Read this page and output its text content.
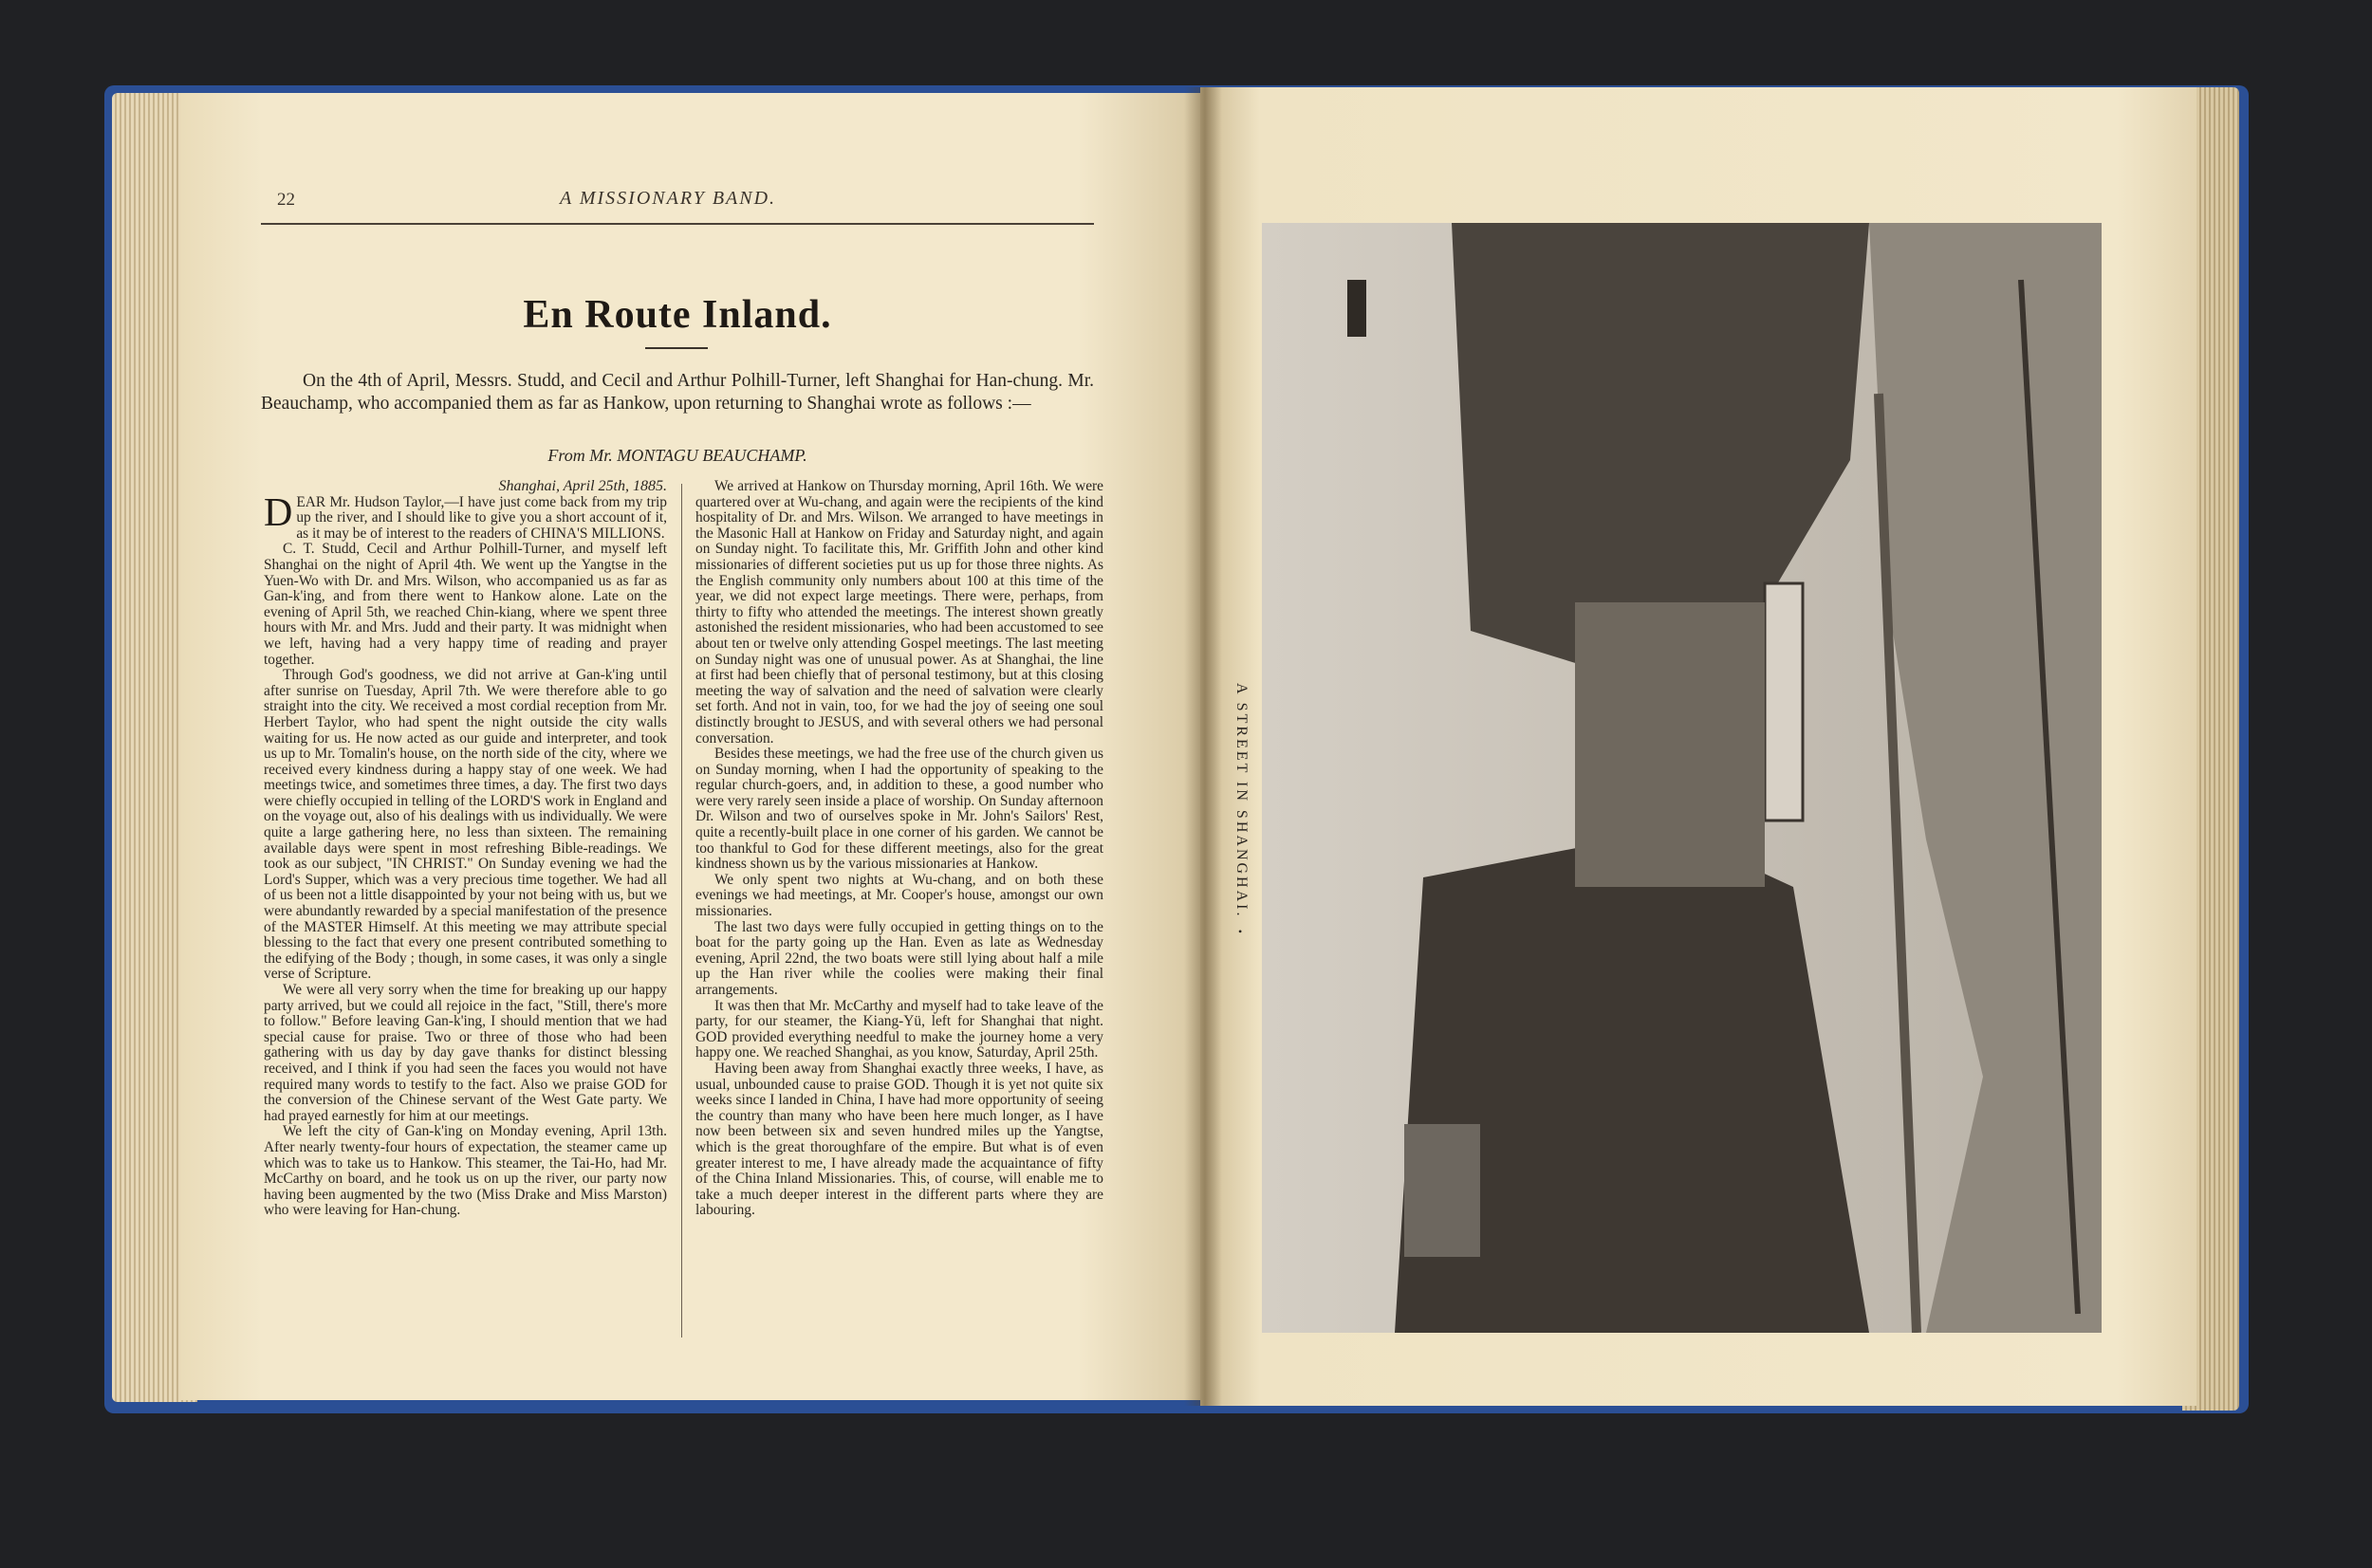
22	A MISSIONARY BAND.
En Route Inland.

On the 4th of April, Messrs. Studd, and Cecil and Arthur Polhill-Turner, left Shanghai for Han-chung. Mr. Beauchamp, who accompanied them as far as Hankow, upon returning to Shanghai wrote as follows :—

From Mr. MONTAGU BEAUCHAMP.

Shanghai, April 25th, 1885.

DEAR Mr. Hudson Taylor,—I have just come back from my trip up the river, and I should like to give you a short account of it, as it may be of interest to the readers of CHINA'S MILLIONS.

C. T. Studd, Cecil and Arthur Polhill-Turner, and myself left Shanghai on the night of April 4th. We went up the Yangtse in the Yuen-Wo with Dr. and Mrs. Wilson, who accompanied us as far as Gan-k'ing, and from there went to Hankow alone. Late on the evening of April 5th, we reached Chin-kiang, where we spent three hours with Mr. and Mrs. Judd and their party. It was midnight when we left, having had a very happy time of reading and prayer together.

Through God's goodness, we did not arrive at Gan-k'ing until after sunrise on Tuesday, April 7th. We were therefore able to go straight into the city. We received a most cordial reception from Mr. Herbert Taylor, who had spent the night outside the city walls waiting for us. He now acted as our guide and interpreter, and took us up to Mr. Tomalin's house, on the north side of the city, where we received every kindness during a happy stay of one week. We had meetings twice, and sometimes three times, a day. The first two days were chiefly occupied in telling of the LORD'S work in England and on the voyage out, also of his dealings with us individually. We were quite a large gathering here, no less than sixteen. The remaining available days were spent in most refreshing Bible-readings. We took as our subject, "IN CHRIST." On Sunday evening we had the Lord's Supper, which was a very precious time together. We had all of us been not a little disappointed by your not being with us, but we were abundantly rewarded by a special manifestation of the presence of the MASTER Himself. At this meeting we may attribute special blessing to the fact that every one present contributed something to the edifying of the Body ; though, in some cases, it was only a single verse of Scripture.

We were all very sorry when the time for breaking up our happy party arrived, but we could all rejoice in the fact, "Still, there's more to follow." Before leaving Gan-k'ing, I should mention that we had special cause for praise. Two or three of those who had been gathering with us day by day gave thanks for distinct blessing received, and I think if you had seen the faces you would not have required many words to testify to the fact. Also we praise GOD for the conversion of the Chinese servant of the West Gate party. We had prayed earnestly for him at our meetings.

We left the city of Gan-k'ing on Monday evening, April 13th. After nearly twenty-four hours of expectation, the steamer came up which was to take us to Hankow. This steamer, the Tai-Ho, had Mr. McCarthy on board, and he took us on up the river, our party now having been augmented by the two (Miss Drake and Miss Marston) who were leaving for Han-chung.

We arrived at Hankow on Thursday morning, April 16th. We were quartered over at Wu-chang, and again were the recipients of the kind hospitality of Dr. and Mrs. Wilson. We arranged to have meetings in the Masonic Hall at Hankow on Friday and Saturday night, and again on Sunday night. To facilitate this, Mr. Griffith John and other kind missionaries of different societies put us up for those three nights. As the English community only numbers about 100 at this time of the year, we did not expect large meetings. There were, perhaps, from thirty to fifty who attended the meetings. The interest shown greatly astonished the resident missionaries, who had been accustomed to see about ten or twelve only attending Gospel meetings. The last meeting on Sunday night was one of unusual power. As at Shanghai, the line at first had been chiefly that of personal testimony, but at this closing meeting the way of salvation and the need of salvation were clearly set forth. And not in vain, too, for we had the joy of seeing one soul distinctly brought to JESUS, and with several others we had personal conversation.

Besides these meetings, we had the free use of the church given us on Sunday morning, when I had the opportunity of speaking to the regular church-goers, and, in addition to these, a good number who were very rarely seen inside a place of worship. On Sunday afternoon Dr. Wilson and two of ourselves spoke in Mr. John's Sailors' Rest, quite a recently-built place in one corner of his garden. We cannot be too thankful to God for these different meetings, also for the great kindness shown us by the various missionaries at Hankow.

We only spent two nights at Wu-chang, and on both these evenings we had meetings, at Mr. Cooper's house, amongst our own missionaries.

The last two days were fully occupied in getting things on to the boat for the party going up the Han. Even as late as Wednesday evening, April 22nd, the two boats were still lying about half a mile up the Han river while the coolies were making their final arrangements.

It was then that Mr. McCarthy and myself had to take leave of the party, for our steamer, the Kiang-Yü, left for Shanghai that night. GOD provided everything needful to make the journey home a very happy one. We reached Shanghai, as you know, Saturday, April 25th.

Having been away from Shanghai exactly three weeks, I have, as usual, unbounded cause to praise GOD. Though it is yet not quite six weeks since I landed in China, I have had more opportunity of seeing the country than many who have been here much longer, as I have now been between six and seven hundred miles up the Yangtse, which is the great thoroughfare of the empire. But what is of even greater interest to me, I have already made the acquaintance of fifty of the China Inland Missionaries. This, of course, will enable me to take a much deeper interest in the different parts where they are labouring.

A STREET IN SHANGHAI.
•
